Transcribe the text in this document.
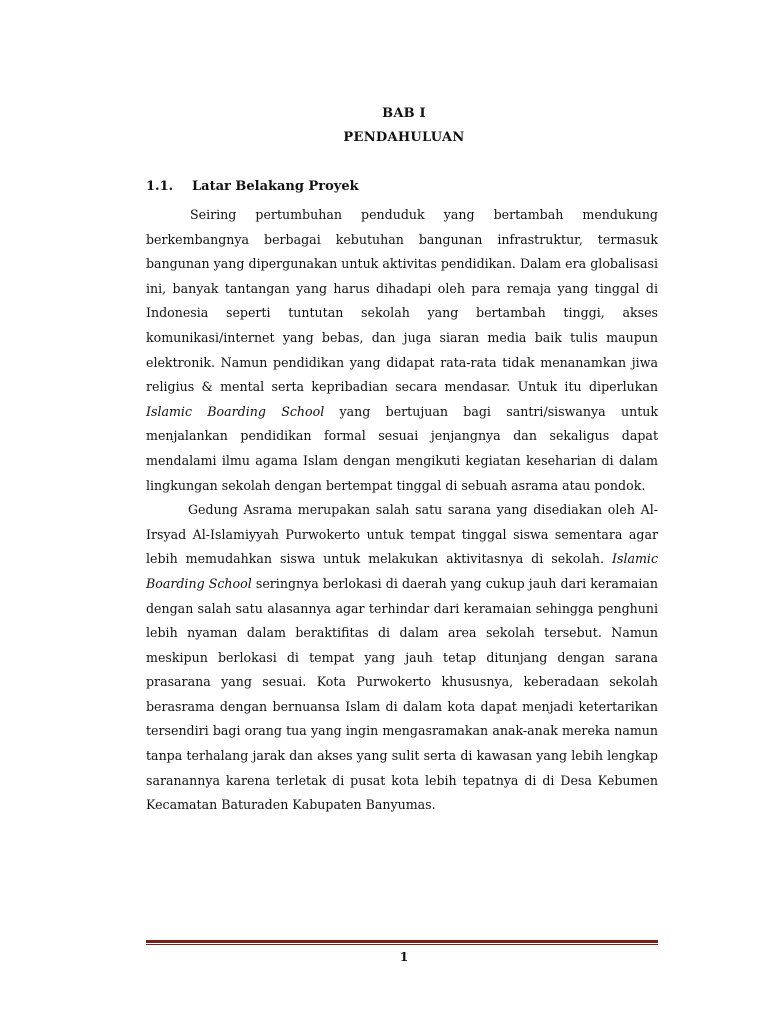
BAB I
PENDAHULUAN
1.1. Latar Belakang Proyek

Seiring pertumbuhan penduduk yang bertambah mendukung berkembangnya berbagai kebutuhan bangunan infrastruktur, termasuk bangunan yang dipergunakan untuk aktivitas pendidikan. Dalam era globalisasi ini, banyak tantangan yang harus dihadapi oleh para remaja yang tinggal di Indonesia seperti tuntutan sekolah yang bertambah tinggi, akses komunikasi/internet yang bebas, dan juga siaran media baik tulis maupun elektronik. Namun pendidikan yang didapat rata-rata tidak menanamkan jiwa religius & mental serta kepribadian secara mendasar. Untuk itu diperlukan Islamic Boarding School yang bertujuan bagi santri/siswanya untuk menjalankan pendidikan formal sesuai jenjangnya dan sekaligus dapat mendalami ilmu agama Islam dengan mengikuti kegiatan keseharian di dalam lingkungan sekolah dengan bertempat tinggal di sebuah asrama atau pondok.

Gedung Asrama merupakan salah satu sarana yang disediakan oleh Al-Irsyad Al-Islamiyyah Purwokerto untuk tempat tinggal siswa sementara agar lebih memudahkan siswa untuk melakukan aktivitasnya di sekolah. Islamic Boarding School seringnya berlokasi di daerah yang cukup jauh dari keramaian dengan salah satu alasannya agar terhindar dari keramaian sehingga penghuni lebih nyaman dalam beraktifitas di dalam area sekolah tersebut. Namun meskipun berlokasi di tempat yang jauh tetap ditunjang dengan sarana prasarana yang sesuai. Kota Purwokerto khususnya, keberadaan sekolah berasrama dengan bernuansa Islam di dalam kota dapat menjadi ketertarikan tersendiri bagi orang tua yang ingin mengasramakan anak-anak mereka namun tanpa terhalang jarak dan akses yang sulit serta di kawasan yang lebih lengkap saranannya karena terletak di pusat kota lebih tepatnya di di Desa Kebumen Kecamatan Baturaden Kabupaten Banyumas.

1
